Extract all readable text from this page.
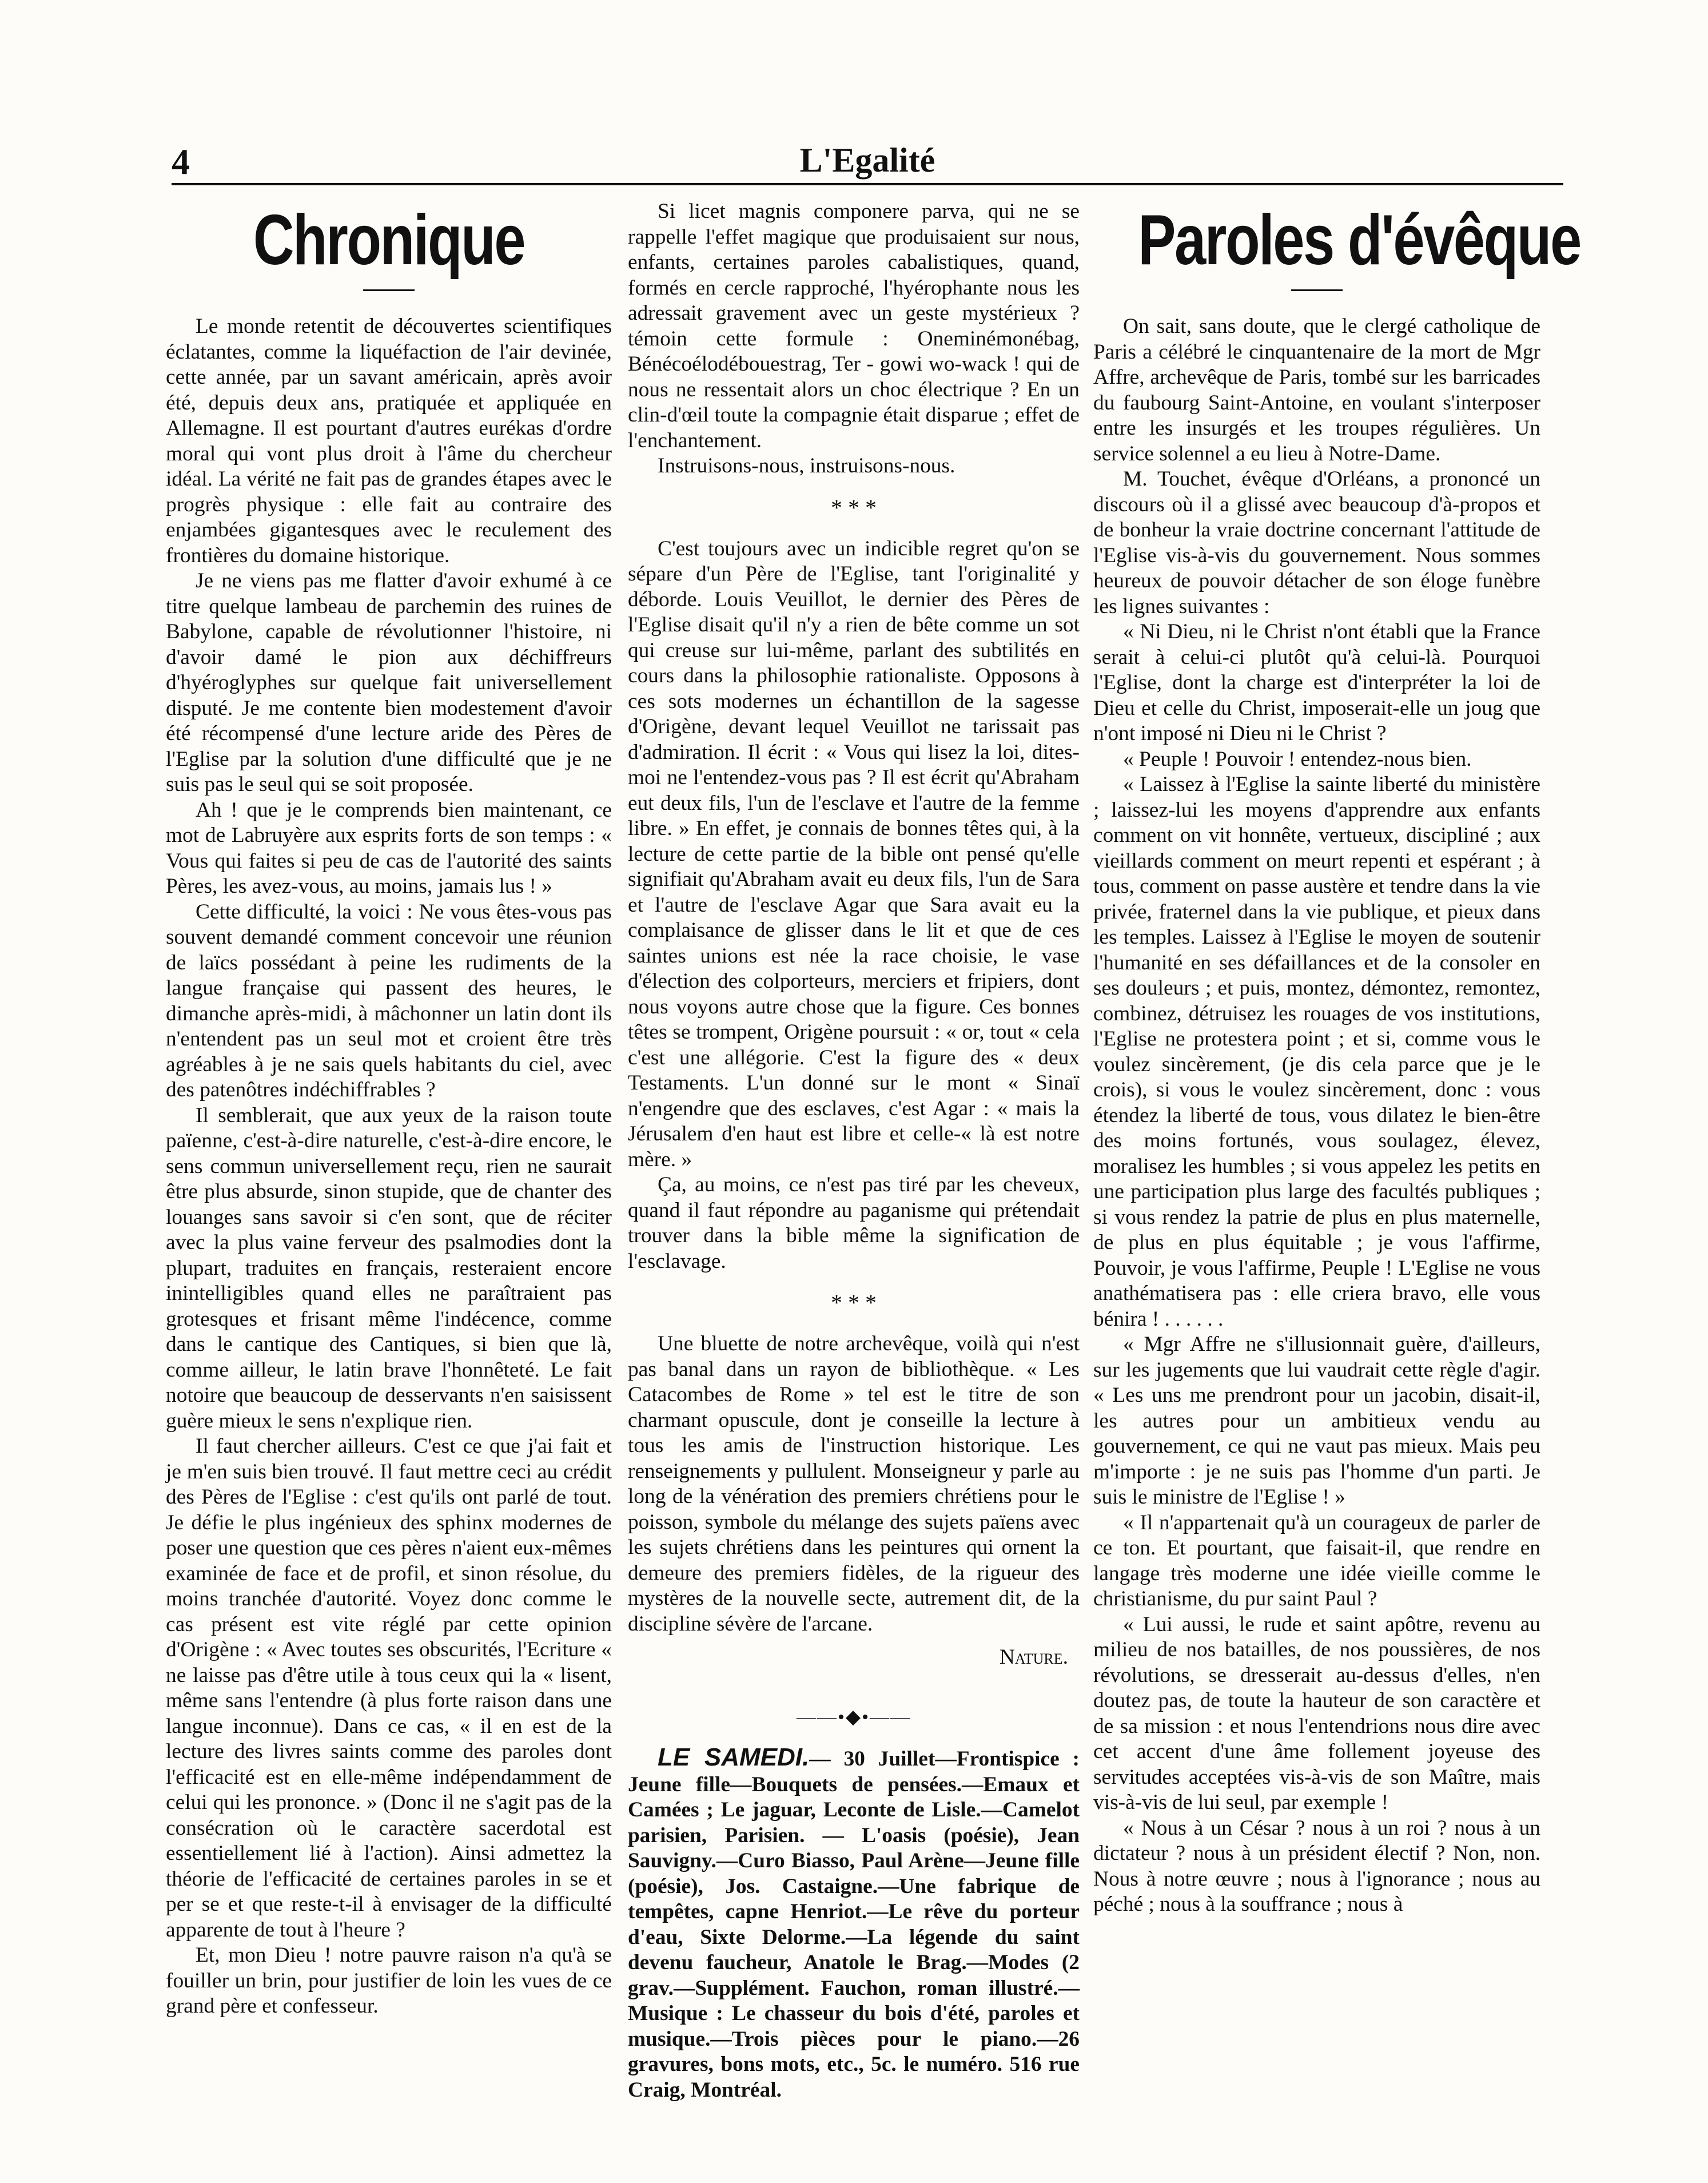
4	L'Egalité
Chronique

Le monde retentit de découvertes scientifiques éclatantes, comme la liquéfaction de l'air devinée, cette année, par un savant américain, après avoir été, depuis deux ans, pratiquée et appliquée en Allemagne. Il est pourtant d'autres eurékas d'ordre moral qui vont plus droit à l'âme du chercheur idéal. La vérité ne fait pas de grandes étapes avec le progrès physique : elle fait au contraire des enjambées gigantesques avec le reculement des frontières du domaine historique.

Je ne viens pas me flatter d'avoir exhumé à ce titre quelque lambeau de parchemin des ruines de Babylone, capable de révolutionner l'histoire, ni d'avoir damé le pion aux déchiffreurs d'hyéroglyphes sur quelque fait universellement disputé. Je me contente bien modestement d'avoir été récompensé d'une lecture aride des Pères de l'Eglise par la solution d'une difficulté que je ne suis pas le seul qui se soit proposée.

Ah ! que je le comprends bien maintenant, ce mot de Labruyère aux esprits forts de son temps : « Vous qui faites si peu de cas de l'autorité des saints Pères, les avez-vous, au moins, jamais lus ! »

Cette difficulté, la voici : Ne vous êtes-vous pas souvent demandé comment concevoir une réunion de laïcs possédant à peine les rudiments de la langue française qui passent des heures, le dimanche après-midi, à mâchonner un latin dont ils n'entendent pas un seul mot et croient être très agréables à je ne sais quels habitants du ciel, avec des patenôtres indéchiffrables ?

Il semblerait, que aux yeux de la raison toute païenne, c'est-à-dire naturelle, c'est-à-dire encore, le sens commun universellement reçu, rien ne saurait être plus absurde, sinon stupide, que de chanter des louanges sans savoir si c'en sont, que de réciter avec la plus vaine ferveur des psalmodies dont la plupart, traduites en français, resteraient encore inintelligibles quand elles ne paraîtraient pas grotesques et frisant même l'indécence, comme dans le cantique des Cantiques, si bien que là, comme ailleur, le latin brave l'honnêteté. Le fait notoire que beaucoup de desservants n'en saisissent guère mieux le sens n'explique rien.

Il faut chercher ailleurs. C'est ce que j'ai fait et je m'en suis bien trouvé. Il faut mettre ceci au crédit des Pères de l'Eglise : c'est qu'ils ont parlé de tout. Je défie le plus ingénieux des sphinx modernes de poser une question que ces pères n'aient eux-mêmes examinée de face et de profil, et sinon résolue, du moins tranchée d'autorité. Voyez donc comme le cas présent est vite réglé par cette opinion d'Origène : « Avec toutes ses obscurités, l'Ecriture « ne laisse pas d'être utile à tous ceux qui la « lisent, même sans l'entendre (à plus forte raison dans une langue inconnue). Dans ce cas, « il en est de la lecture des livres saints comme des paroles dont l'efficacité est en elle-même indépendamment de celui qui les prononce. » (Donc il ne s'agit pas de la consécration où le caractère sacerdotal est essentiellement lié à l'action). Ainsi admettez la théorie de l'efficacité de certaines paroles in se et per se et que reste-t-il à envisager de la difficulté apparente de tout à l'heure ?

Et, mon Dieu ! notre pauvre raison n'a qu'à se fouiller un brin, pour justifier de loin les vues de ce grand père et confesseur.

Si licet magnis componere parva, qui ne se rappelle l'effet magique que produisaient sur nous, enfants, certaines paroles cabalistiques, quand, formés en cercle rapproché, l'hyérophante nous les adressait gravement avec un geste mystérieux ? témoin cette formule : Oneminémonébag, Bénécoélodébouestrag, Ter - gowi wo-wack ! qui de nous ne ressentait alors un choc électrique ? En un clin-d'œil toute la compagnie était disparue ; effet de l'enchantement.

Instruisons-nous, instruisons-nous.

* * *

C'est toujours avec un indicible regret qu'on se sépare d'un Père de l'Eglise, tant l'originalité y déborde. Louis Veuillot, le dernier des Pères de l'Eglise disait qu'il n'y a rien de bête comme un sot qui creuse sur lui-même, parlant des subtilités en cours dans la philosophie rationaliste. Opposons à ces sots modernes un échantillon de la sagesse d'Origène, devant lequel Veuillot ne tarissait pas d'admiration. Il écrit : « Vous qui lisez la loi, dites-moi ne l'entendez-vous pas ? Il est écrit qu'Abraham eut deux fils, l'un de l'esclave et l'autre de la femme libre. » En effet, je connais de bonnes têtes qui, à la lecture de cette partie de la bible ont pensé qu'elle signifiait qu'Abraham avait eu deux fils, l'un de Sara et l'autre de l'esclave Agar que Sara avait eu la complaisance de glisser dans le lit et que de ces saintes unions est née la race choisie, le vase d'élection des colporteurs, merciers et fripiers, dont nous voyons autre chose que la figure. Ces bonnes têtes se trompent, Origène poursuit : « or, tout « cela c'est une allégorie. C'est la figure des « deux Testaments. L'un donné sur le mont « Sinaï n'engendre que des esclaves, c'est Agar : « mais la Jérusalem d'en haut est libre et celle-« là est notre mère. »

Ça, au moins, ce n'est pas tiré par les cheveux, quand il faut répondre au paganisme qui prétendait trouver dans la bible même la signification de l'esclavage.

* * *

Une bluette de notre archevêque, voilà qui n'est pas banal dans un rayon de bibliothèque. « Les Catacombes de Rome » tel est le titre de son charmant opuscule, dont je conseille la lecture à tous les amis de l'instruction historique. Les renseignements y pullulent. Monseigneur y parle au long de la vénération des premiers chrétiens pour le poisson, symbole du mélange des sujets païens avec les sujets chrétiens dans les peintures qui ornent la demeure des premiers fidèles, de la rigueur des mystères de la nouvelle secte, autrement dit, de la discipline sévère de l'arcane.

Nature.
——•◆•——

LE SAMEDI.— 30 Juillet—Frontispice : Jeune fille—Bouquets de pensées.—Emaux et Camées ; Le jaguar, Leconte de Lisle.—Camelot parisien, Parisien. — L'oasis (poésie), Jean Sauvigny.—Curo Biasso, Paul Arène—Jeune fille (poésie), Jos. Castaigne.—Une fabrique de tempêtes, capne Henriot.—Le rêve du porteur d'eau, Sixte Delorme.—La légende du saint devenu faucheur, Anatole le Brag.—Modes (2 grav.—Supplément. Fauchon, roman illustré.—Musique : Le chasseur du bois d'été, paroles et musique.—Trois pièces pour le piano.—26 gravures, bons mots, etc., 5c. le numéro. 516 rue Craig, Montréal.

Paroles d'évêque

On sait, sans doute, que le clergé catholique de Paris a célébré le cinquantenaire de la mort de Mgr Affre, archevêque de Paris, tombé sur les barricades du faubourg Saint-Antoine, en voulant s'interposer entre les insurgés et les troupes régulières. Un service solennel a eu lieu à Notre-Dame.

M. Touchet, évêque d'Orléans, a prononcé un discours où il a glissé avec beaucoup d'à-propos et de bonheur la vraie doctrine concernant l'attitude de l'Eglise vis-à-vis du gouvernement. Nous sommes heureux de pouvoir détacher de son éloge funèbre les lignes suivantes :

« Ni Dieu, ni le Christ n'ont établi que la France serait à celui-ci plutôt qu'à celui-là. Pourquoi l'Eglise, dont la charge est d'interpréter la loi de Dieu et celle du Christ, imposerait-elle un joug que n'ont imposé ni Dieu ni le Christ ?

« Peuple ! Pouvoir ! entendez-nous bien.

« Laissez à l'Eglise la sainte liberté du ministère ; laissez-lui les moyens d'apprendre aux enfants comment on vit honnête, vertueux, discipliné ; aux vieillards comment on meurt repenti et espérant ; à tous, comment on passe austère et tendre dans la vie privée, fraternel dans la vie publique, et pieux dans les temples. Laissez à l'Eglise le moyen de soutenir l'humanité en ses défaillances et de la consoler en ses douleurs ; et puis, montez, démontez, remontez, combinez, détruisez les rouages de vos institutions, l'Eglise ne protestera point ; et si, comme vous le voulez sincèrement, (je dis cela parce que je le crois), si vous le voulez sincèrement, donc : vous étendez la liberté de tous, vous dilatez le bien-être des moins fortunés, vous soulagez, élevez, moralisez les humbles ; si vous appelez les petits en une participation plus large des facultés publiques ; si vous rendez la patrie de plus en plus maternelle, de plus en plus équitable ; je vous l'affirme, Pouvoir, je vous l'affirme, Peuple ! L'Eglise ne vous anathématisera pas : elle criera bravo, elle vous bénira ! . . . . . .

« Mgr Affre ne s'illusionnait guère, d'ailleurs, sur les jugements que lui vaudrait cette règle d'agir. « Les uns me prendront pour un jacobin, disait-il, les autres pour un ambitieux vendu au gouvernement, ce qui ne vaut pas mieux. Mais peu m'importe : je ne suis pas l'homme d'un parti. Je suis le ministre de l'Eglise ! »

« Il n'appartenait qu'à un courageux de parler de ce ton. Et pourtant, que faisait-il, que rendre en langage très moderne une idée vieille comme le christianisme, du pur saint Paul ?

« Lui aussi, le rude et saint apôtre, revenu au milieu de nos batailles, de nos poussières, de nos révolutions, se dresserait au-dessus d'elles, n'en doutez pas, de toute la hauteur de son caractère et de sa mission : et nous l'entendrions nous dire avec cet accent d'une âme follement joyeuse des servitudes acceptées vis-à-vis de son Maître, mais vis-à-vis de lui seul, par exemple !

« Nous à un César ? nous à un roi ? nous à un dictateur ? nous à un président électif ? Non, non. Nous à notre œuvre ; nous à l'ignorance ; nous au péché ; nous à la souffrance ; nous à
